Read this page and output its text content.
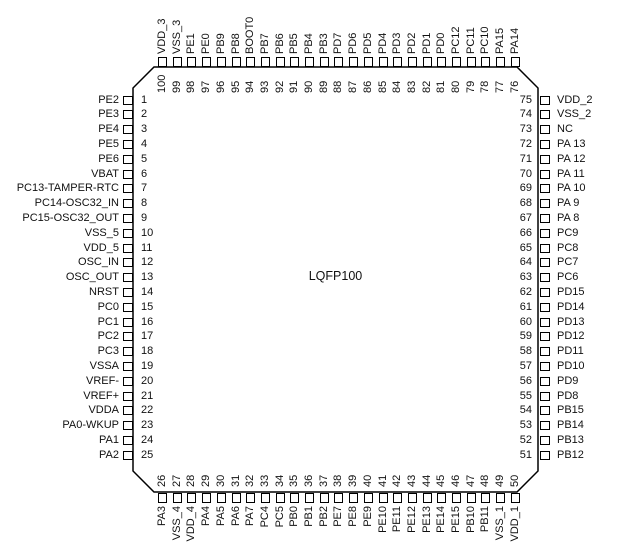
LQFP100
1
PE2
2
PE3
3
PE4
4
PE5
5
PE6
6
VBAT
7
PC13-TAMPER-RTC
8
PC14-OSC32_IN
9
PC15-OSC32_OUT
10
VSS_5
11
VDD_5
12
OSC_IN
13
OSC_OUT
14
NRST
15
PC0
16
PC1
17
PC2
18
PC3
19
VSSA
20
VREF-
21
VREF+
22
VDDA
23
PA0-WKUP
24
PA1
25
PA2
75 VDD_2
74 VSS_2
73 NC
72 PA 13
71 PA 12
70 PA 11
69 PA 10
68 PA 9
67 PA 8
66 PC9
65 PC8
64 PC7
63 PC6
62 PD15
61 PD14
60 PD13
59 PD12
58 PD11
57 PD10
56 PD9
55 PD8
54 PB15
53 PB14
52 PB13
51 PB12
100
VDD_3
99
VSS_3
98
PE1
97
PE0
96
PB9
95
PB8
94
BOOT0
93
PB7
92
PB6
91
PB5
90
PB4
89
PB3
88
PD7
87
PD6
86
PD5
85
PD4
84
PD3
83
PD2
82
PD1
81
PD0
80
PC12
79
PC11
78
PC10
77
PA15
76
PA14
26
PA3
27
VSS_4
28
VDD_4
29
PA4
30
PA5
31
PA6
32
PA7
33
PC4
34
PC5
35
PB0
36
PB1
37
PB2
38
PE7
39
PE8
40
PE9
41
PE10
42
PE11
43
PE12
44
PE13
45
PE14
46
PE15
47
PB10
48
PB11
49
VSS_1
50
VDD_1
